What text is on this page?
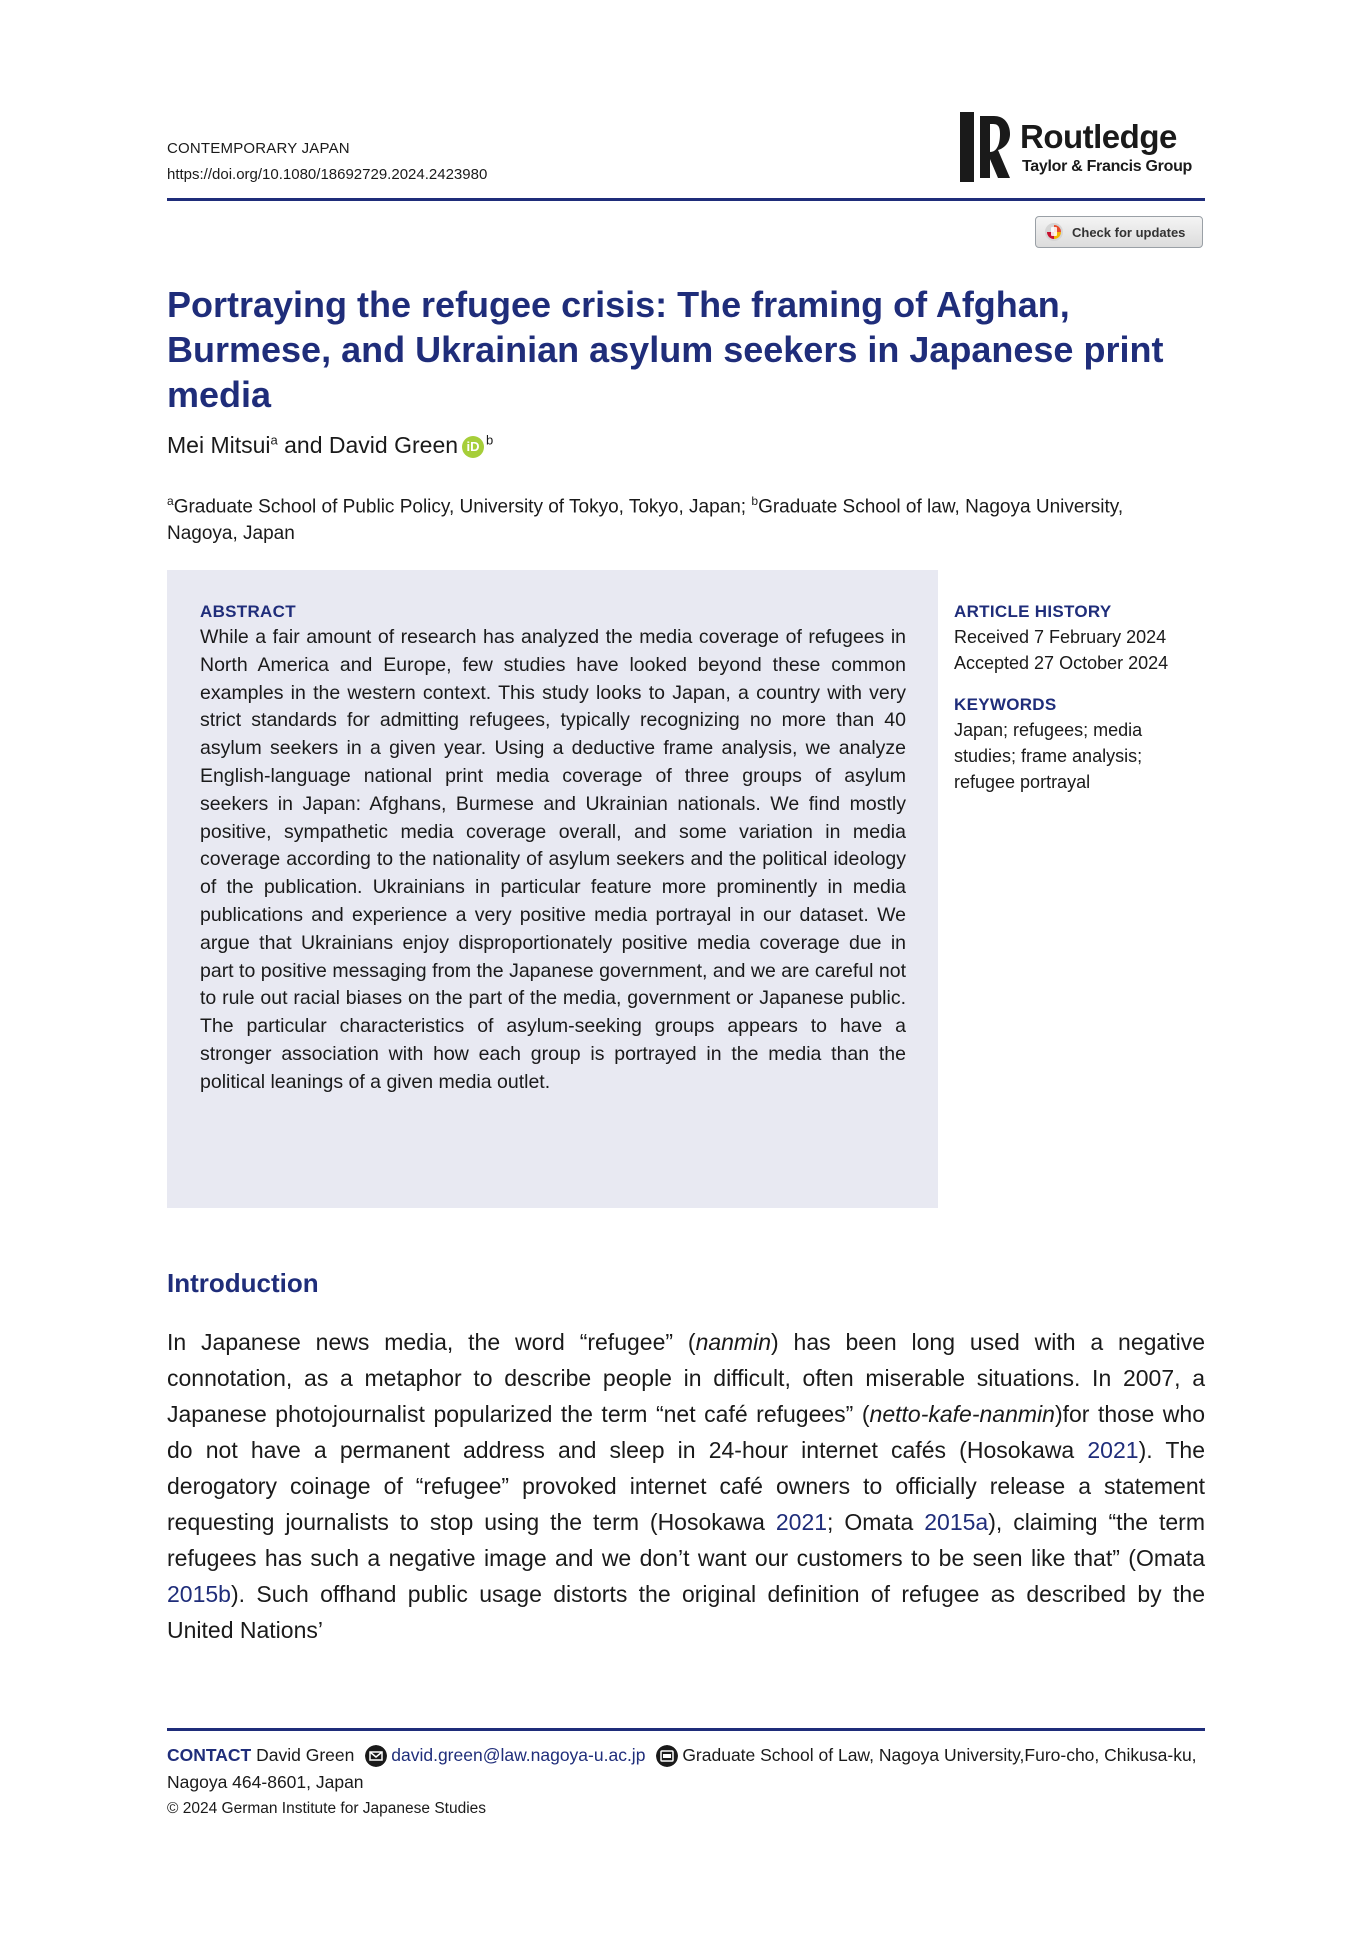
CONTEMPORARY JAPAN
https://doi.org/10.1080/18692729.2024.2423980
Routledge
Taylor & Francis Group
Check for updates
Portraying the refugee crisis: The framing of Afghan, Burmese, and Ukrainian asylum seekers in Japanese print media
Mei Mitsui$^a$ and David Green iD $^b$
$^a$Graduate School of Public Policy, University of Tokyo, Tokyo, Japan; $^b$Graduate School of law, Nagoya University, Nagoya, Japan
ABSTRACT

While a fair amount of research has analyzed the media coverage of refugees in North America and Europe, few studies have looked beyond these common examples in the western context. This study looks to Japan, a country with very strict standards for admitting refugees, typically recognizing no more than 40 asylum seekers in a given year. Using a deductive frame analysis, we analyze English-language national print media coverage of three groups of asylum seekers in Japan: Afghans, Burmese and Ukrainian nationals. We find mostly positive, sympathetic media coverage overall, and some variation in media coverage according to the nationality of asylum seekers and the political ideology of the publication. Ukrainians in particular feature more prominently in media publications and experience a very positive media portrayal in our dataset. We argue that Ukrainians enjoy disproportionately positive media coverage due in part to positive messaging from the Japanese government, and we are careful not to rule out racial biases on the part of the media, government or Japanese public. The particular characteristics of asylum-seeking groups appears to have a stronger association with how each group is portrayed in the media than the political leanings of a given media outlet.

ARTICLE HISTORY
Received 7 February 2024
Accepted 27 October 2024
KEYWORDS
Japan; refugees; media studies; frame analysis; refugee portrayal
Introduction

In Japanese news media, the word “refugee” (nanmin) has been long used with a negative connotation, as a metaphor to describe people in difficult, often miserable situations. In 2007, a Japanese photojournalist popularized the term “net café refugees” (netto-kafe-nanmin)for those who do not have a permanent address and sleep in 24-hour internet cafés (Hosokawa 2021). The derogatory coinage of “refugee” provoked internet café owners to officially release a statement requesting journalists to stop using the term (Hosokawa 2021; Omata 2015a), claiming “the term refugees has such a negative image and we don’t want our customers to be seen like that” (Omata 2015b). Such offhand public usage distorts the original definition of refugee as described by the United Nations’

CONTACT David Green david.green@law.nagoya-u.ac.jp Graduate School of Law, Nagoya University,Furo-cho, Chikusa-ku, Nagoya 464-8601, Japan
© 2024 German Institute for Japanese Studies
